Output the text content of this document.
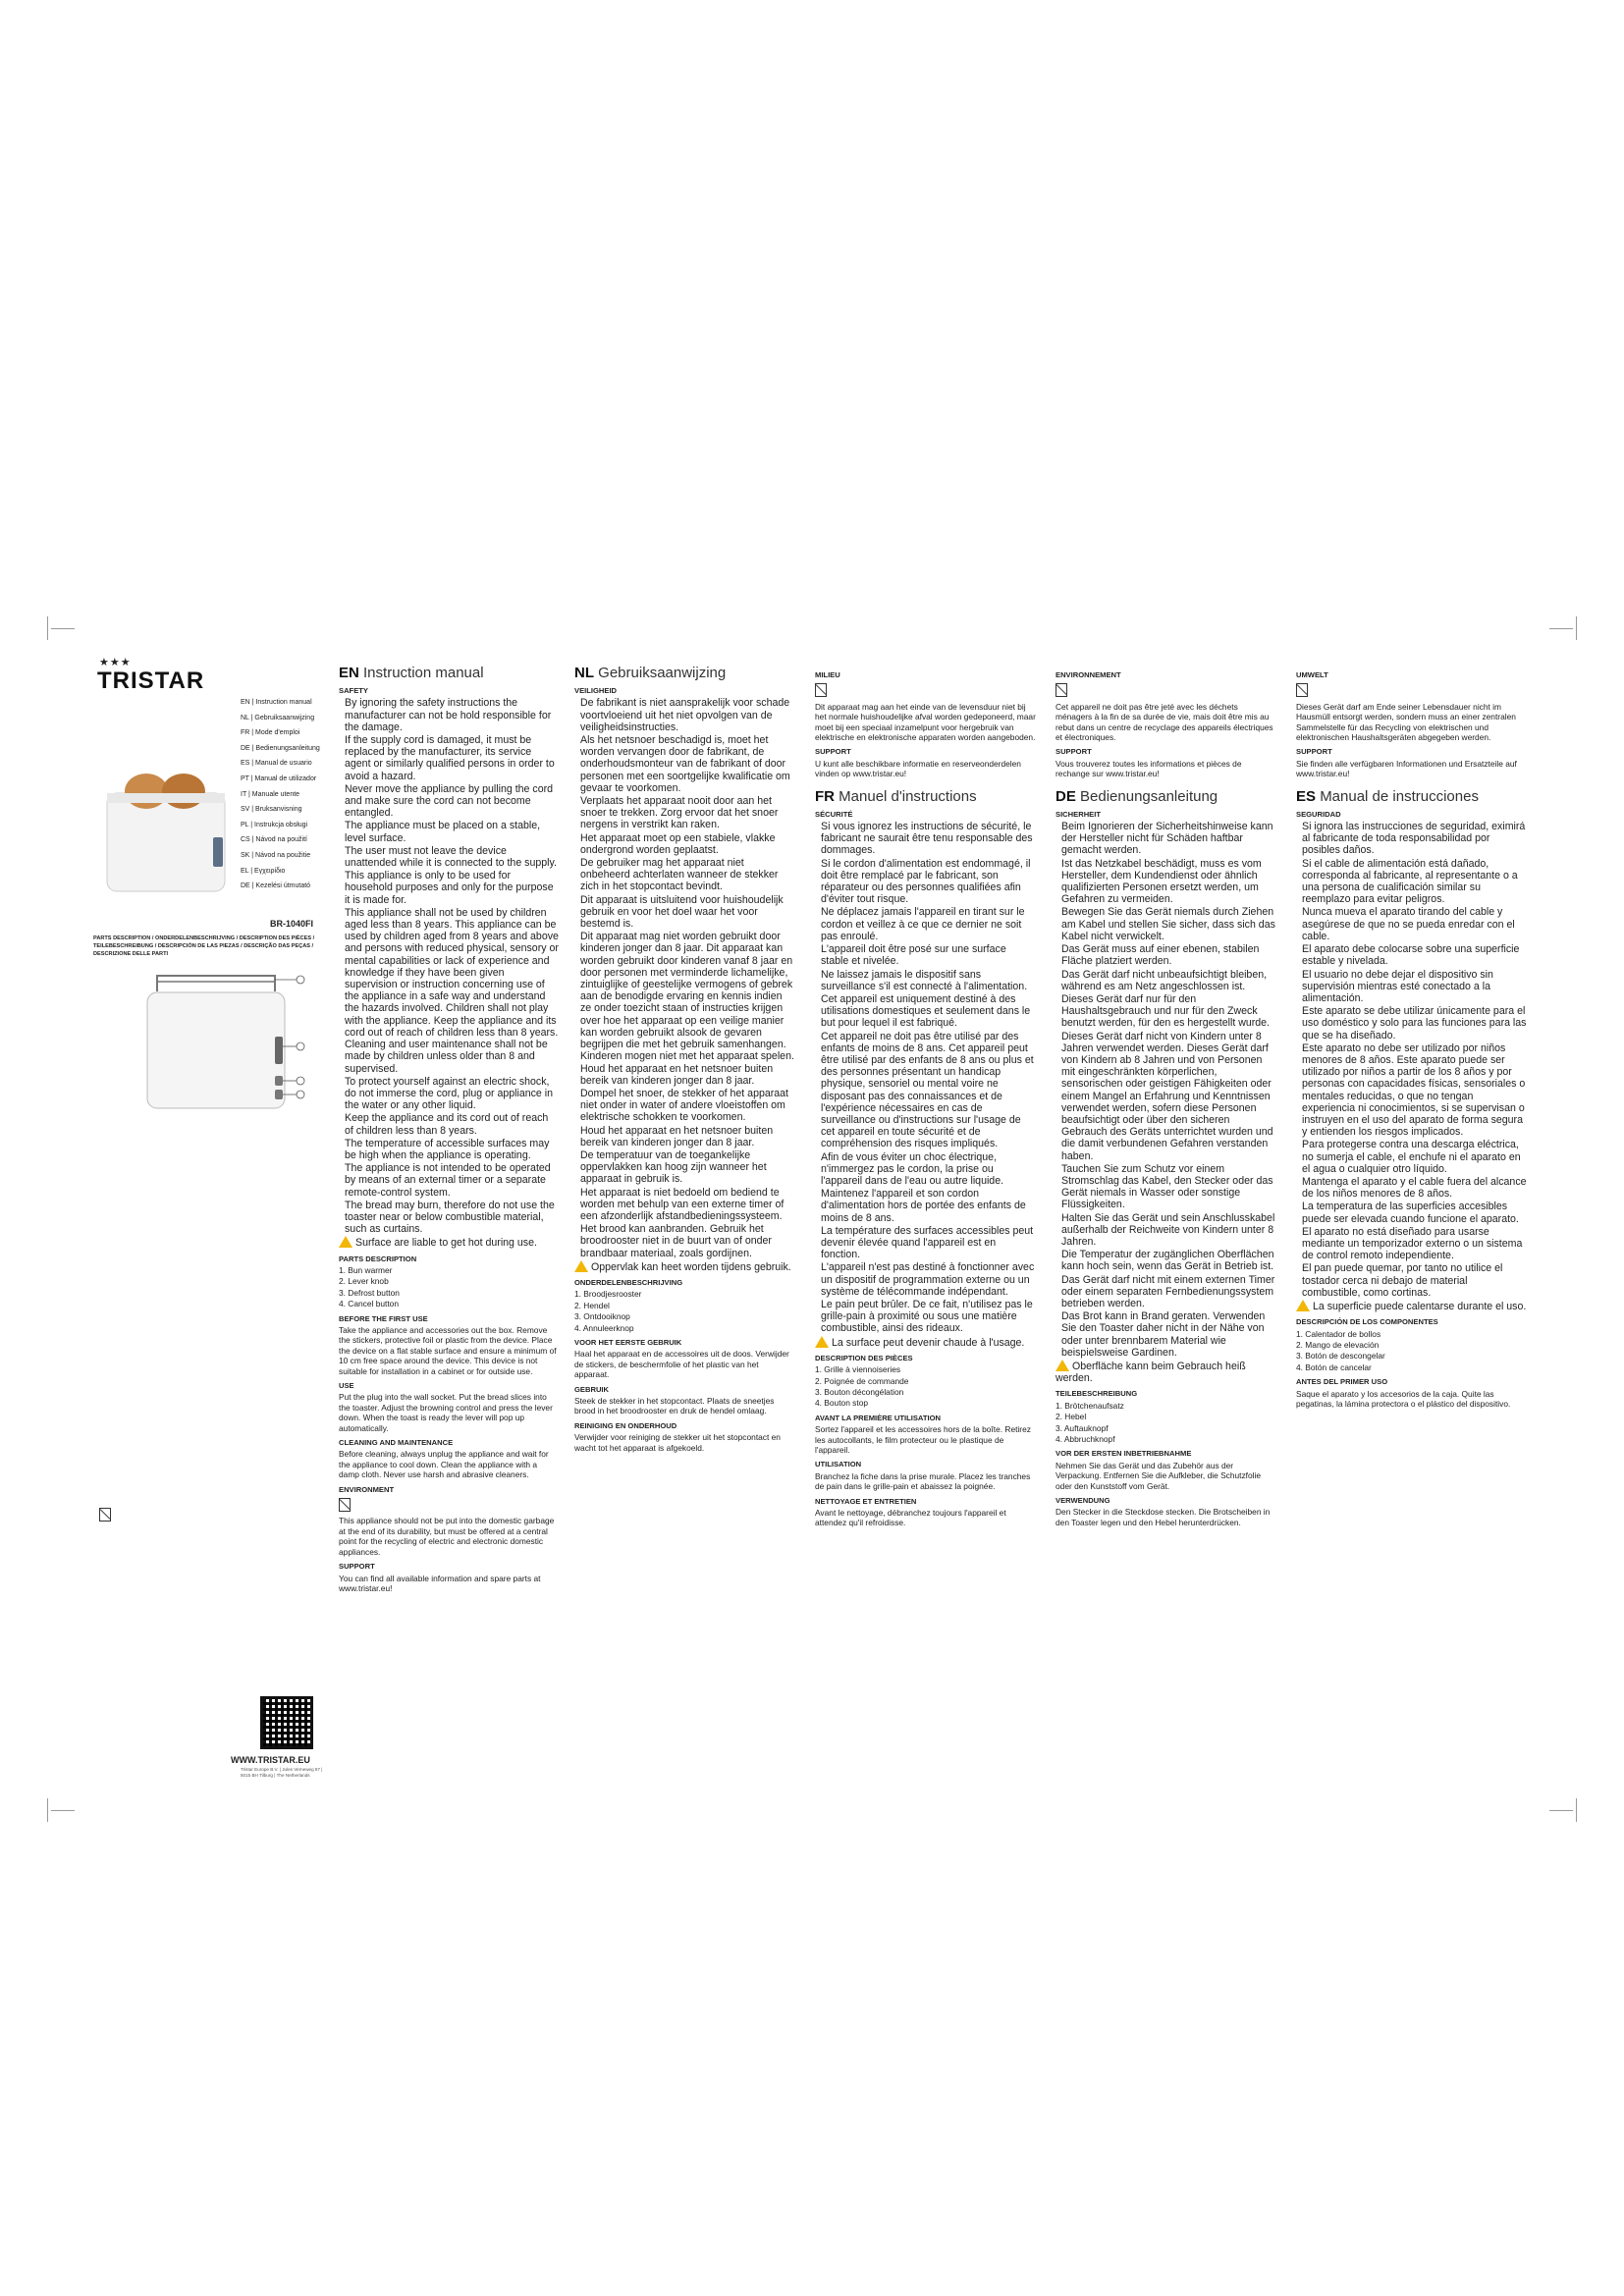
★★★
TRISTAR
EN | Instruction manual
NL | Gebruiksaanwijzing
FR | Mode d'emploi
DE | Bedienungsanleitung
ES | Manual de usuario
PT | Manual de utilizador
IT | Manuale utente
SV | Bruksanvisning
PL | Instrukcja obsługi
CS | Návod na použití
SK | Návod na použitie
EL | Εγχειρίδιο
DE | Kezelési útmutató
BR-1040FI
PARTS DESCRIPTION / ONDERDELENBESCHRIJVING / DESCRIPTION DES PIÈCES / TEILEBESCHREIBUNG / DESCRIPCIÓN DE LAS PIEZAS / DESCRIÇÃO DAS PEÇAS / DESCRIZIONE DELLE PARTI
WWW.TRISTAR.EU
Tristar Europe B.V. | Jules Verneweg 87 | 5015 BH Tilburg | The Netherlands
EN Instruction manual
SAFETY
• By ignoring the safety instructions the manufacturer can not be hold responsible for the damage.
• If the supply cord is damaged, it must be replaced by the manufacturer, its service agent or similarly qualified persons in order to avoid a hazard.
• Never move the appliance by pulling the cord and make sure the cord can not become entangled.
• The appliance must be placed on a stable, level surface.
• The user must not leave the device unattended while it is connected to the supply.
• This appliance is only to be used for household purposes and only for the purpose it is made for.
• This appliance shall not be used by children aged less than 8 years. This appliance can be used by children aged from 8 years and above and persons with reduced physical, sensory or mental capabilities or lack of experience and knowledge if they have been given supervision or instruction concerning use of the appliance in a safe way and understand the hazards involved. Children shall not play with the appliance. Keep the appliance and its cord out of reach of children less than 8 years. Cleaning and user maintenance shall not be made by children unless older than 8 and supervised.
• To protect yourself against an electric shock, do not immerse the cord, plug or appliance in the water or any other liquid.
• Keep the appliance and its cord out of reach of children less than 8 years.
• The temperature of accessible surfaces may be high when the appliance is operating.
• The appliance is not intended to be operated by means of an external timer or a separate remote-control system.
• The bread may burn, therefore do not use the toaster near or below combustible material, such as curtains.

Surface are liable to get hot during use.

PARTS DESCRIPTION

1. Bun warmer

2. Lever knob

3. Defrost button

4. Cancel button

BEFORE THE FIRST USE

Take the appliance and accessories out the box. Remove the stickers, protective foil or plastic from the device. Place the device on a flat stable surface and ensure a minimum of 10 cm free space around the device. This device is not suitable for installation in a cabinet or for outside use.

USE

Put the plug into the wall socket. Put the bread slices into the toaster. Adjust the browning control and press the lever down. When the toast is ready the lever will pop up automatically.

CLEANING AND MAINTENANCE

Before cleaning, always unplug the appliance and wait for the appliance to cool down. Clean the appliance with a damp cloth. Never use harsh and abrasive cleaners.

ENVIRONMENT

This appliance should not be put into the domestic garbage at the end of its durability, but must be offered at a central point for the recycling of electric and electronic domestic appliances.

SUPPORT

You can find all available information and spare parts at www.tristar.eu!

NL Gebruiksaanwijzing
VEILIGHEID
• De fabrikant is niet aansprakelijk voor schade voortvloeiend uit het niet opvolgen van de veiligheidsinstructies.
• Als het netsnoer beschadigd is, moet het worden vervangen door de fabrikant, de onderhoudsmonteur van de fabrikant of door personen met een soortgelijke kwalificatie om gevaar te voorkomen.
• Verplaats het apparaat nooit door aan het snoer te trekken. Zorg ervoor dat het snoer nergens in verstrikt kan raken.
• Het apparaat moet op een stabiele, vlakke ondergrond worden geplaatst.
• De gebruiker mag het apparaat niet onbeheerd achterlaten wanneer de stekker zich in het stopcontact bevindt.
• Dit apparaat is uitsluitend voor huishoudelijk gebruik en voor het doel waar het voor bestemd is.
• Dit apparaat mag niet worden gebruikt door kinderen jonger dan 8 jaar. Dit apparaat kan worden gebruikt door kinderen vanaf 8 jaar en door personen met verminderde lichamelijke, zintuiglijke of geestelijke vermogens of gebrek aan de benodigde ervaring en kennis indien ze onder toezicht staan of instructies krijgen over hoe het apparaat op een veilige manier kan worden gebruikt alsook de gevaren begrijpen die met het gebruik samenhangen. Kinderen mogen niet met het apparaat spelen. Houd het apparaat en het netsnoer buiten bereik van kinderen jonger dan 8 jaar.
• Dompel het snoer, de stekker of het apparaat niet onder in water of andere vloeistoffen om elektrische schokken te voorkomen.
• Houd het apparaat en het netsnoer buiten bereik van kinderen jonger dan 8 jaar.
• De temperatuur van de toegankelijke oppervlakken kan hoog zijn wanneer het apparaat in gebruik is.
• Het apparaat is niet bedoeld om bediend te worden met behulp van een externe timer of een afzonderlijk afstandbedieningssysteem.
• Het brood kan aanbranden. Gebruik het broodrooster niet in de buurt van of onder brandbaar materiaal, zoals gordijnen.

Oppervlak kan heet worden tijdens gebruik.

ONDERDELENBESCHRIJVING

1. Broodjesrooster

2. Hendel

3. Ontdooiknop

4. Annuleerknop

VOOR HET EERSTE GEBRUIK

Haal het apparaat en de accessoires uit de doos. Verwijder de stickers, de beschermfolie of het plastic van het apparaat.

GEBRUIK

Steek de stekker in het stopcontact. Plaats de sneetjes brood in het broodrooster en druk de hendel omlaag.

REINIGING EN ONDERHOUD

Verwijder voor reiniging de stekker uit het stopcontact en wacht tot het apparaat is afgekoeld.

MILIEU

Dit apparaat mag aan het einde van de levensduur niet bij het normale huishoudelijke afval worden gedeponeerd, maar moet bij een speciaal inzamelpunt voor hergebruik van elektrische en elektronische apparaten worden aangeboden.

SUPPORT

U kunt alle beschikbare informatie en reserveonderdelen vinden op www.tristar.eu!

FR Manuel d'instructions
SÉCURITÉ
• Si vous ignorez les instructions de sécurité, le fabricant ne saurait être tenu responsable des dommages.
• Si le cordon d'alimentation est endommagé, il doit être remplacé par le fabricant, son réparateur ou des personnes qualifiées afin d'éviter tout risque.
• Ne déplacez jamais l'appareil en tirant sur le cordon et veillez à ce que ce dernier ne soit pas enroulé.
• L'appareil doit être posé sur une surface stable et nivelée.
• Ne laissez jamais le dispositif sans surveillance s'il est connecté à l'alimentation.
• Cet appareil est uniquement destiné à des utilisations domestiques et seulement dans le but pour lequel il est fabriqué.
• Cet appareil ne doit pas être utilisé par des enfants de moins de 8 ans. Cet appareil peut être utilisé par des enfants de 8 ans ou plus et des personnes présentant un handicap physique, sensoriel ou mental voire ne disposant pas des connaissances et de l'expérience nécessaires en cas de surveillance ou d'instructions sur l'usage de cet appareil en toute sécurité et de compréhension des risques impliqués.
• Afin de vous éviter un choc électrique, n'immergez pas le cordon, la prise ou l'appareil dans de l'eau ou autre liquide.
• Maintenez l'appareil et son cordon d'alimentation hors de portée des enfants de moins de 8 ans.
• La température des surfaces accessibles peut devenir élevée quand l'appareil est en fonction.
• L'appareil n'est pas destiné à fonctionner avec un dispositif de programmation externe ou un système de télécommande indépendant.
• Le pain peut brûler. De ce fait, n'utilisez pas le grille-pain à proximité ou sous une matière combustible, ainsi des rideaux.

La surface peut devenir chaude à l'usage.

DESCRIPTION DES PIÈCES

1. Grille à viennoiseries

2. Poignée de commande

3. Bouton décongélation

4. Bouton stop

AVANT LA PREMIÈRE UTILISATION

Sortez l'appareil et les accessoires hors de la boîte. Retirez les autocollants, le film protecteur ou le plastique de l'appareil.

UTILISATION

Branchez la fiche dans la prise murale. Placez les tranches de pain dans le grille-pain et abaissez la poignée.

NETTOYAGE ET ENTRETIEN

Avant le nettoyage, débranchez toujours l'appareil et attendez qu'il refroidisse.

ENVIRONNEMENT

Cet appareil ne doit pas être jeté avec les déchets ménagers à la fin de sa durée de vie, mais doit être mis au rebut dans un centre de recyclage des appareils électriques et électroniques.

SUPPORT

Vous trouverez toutes les informations et pièces de rechange sur www.tristar.eu!

DE Bedienungsanleitung
SICHERHEIT
• Beim Ignorieren der Sicherheitshinweise kann der Hersteller nicht für Schäden haftbar gemacht werden.
• Ist das Netzkabel beschädigt, muss es vom Hersteller, dem Kundendienst oder ähnlich qualifizierten Personen ersetzt werden, um Gefahren zu vermeiden.
• Bewegen Sie das Gerät niemals durch Ziehen am Kabel und stellen Sie sicher, dass sich das Kabel nicht verwickelt.
• Das Gerät muss auf einer ebenen, stabilen Fläche platziert werden.
• Das Gerät darf nicht unbeaufsichtigt bleiben, während es am Netz angeschlossen ist.
• Dieses Gerät darf nur für den Haushaltsgebrauch und nur für den Zweck benutzt werden, für den es hergestellt wurde.
• Dieses Gerät darf nicht von Kindern unter 8 Jahren verwendet werden. Dieses Gerät darf von Kindern ab 8 Jahren und von Personen mit eingeschränkten körperlichen, sensorischen oder geistigen Fähigkeiten oder einem Mangel an Erfahrung und Kenntnissen verwendet werden, sofern diese Personen beaufsichtigt oder über den sicheren Gebrauch des Geräts unterrichtet wurden und die damit verbundenen Gefahren verstanden haben.
• Tauchen Sie zum Schutz vor einem Stromschlag das Kabel, den Stecker oder das Gerät niemals in Wasser oder sonstige Flüssigkeiten.
• Halten Sie das Gerät und sein Anschlusskabel außerhalb der Reichweite von Kindern unter 8 Jahren.
• Die Temperatur der zugänglichen Oberflächen kann hoch sein, wenn das Gerät in Betrieb ist.
• Das Gerät darf nicht mit einem externen Timer oder einem separaten Fernbedienungssystem betrieben werden.
• Das Brot kann in Brand geraten. Verwenden Sie den Toaster daher nicht in der Nähe von oder unter brennbarem Material wie beispielsweise Gardinen.

Oberfläche kann beim Gebrauch heiß werden.

TEILEBESCHREIBUNG

1. Brötchenaufsatz

2. Hebel

3. Auftauknopf

4. Abbruchknopf

VOR DER ERSTEN INBETRIEBNAHME

Nehmen Sie das Gerät und das Zubehör aus der Verpackung. Entfernen Sie die Aufkleber, die Schutzfolie oder den Kunststoff vom Gerät.

VERWENDUNG

Den Stecker in die Steckdose stecken. Die Brotscheiben in den Toaster legen und den Hebel herunterdrücken.

UMWELT

Dieses Gerät darf am Ende seiner Lebensdauer nicht im Hausmüll entsorgt werden, sondern muss an einer zentralen Sammelstelle für das Recycling von elektrischen und elektronischen Haushaltsgeräten abgegeben werden.

SUPPORT

Sie finden alle verfügbaren Informationen und Ersatzteile auf www.tristar.eu!

ES Manual de instrucciones
SEGURIDAD
• Si ignora las instrucciones de seguridad, eximirá al fabricante de toda responsabilidad por posibles daños.
• Si el cable de alimentación está dañado, corresponda al fabricante, al representante o a una persona de cualificación similar su reemplazo para evitar peligros.
• Nunca mueva el aparato tirando del cable y asegúrese de que no se pueda enredar con el cable.
• El aparato debe colocarse sobre una superficie estable y nivelada.
• El usuario no debe dejar el dispositivo sin supervisión mientras esté conectado a la alimentación.
• Este aparato se debe utilizar únicamente para el uso doméstico y solo para las funciones para las que se ha diseñado.
• Este aparato no debe ser utilizado por niños menores de 8 años. Este aparato puede ser utilizado por niños a partir de los 8 años y por personas con capacidades físicas, sensoriales o mentales reducidas, o que no tengan experiencia ni conocimientos, si se supervisan o instruyen en el uso del aparato de forma segura y entienden los riesgos implicados.
• Para protegerse contra una descarga eléctrica, no sumerja el cable, el enchufe ni el aparato en el agua o cualquier otro líquido.
• Mantenga el aparato y el cable fuera del alcance de los niños menores de 8 años.
• La temperatura de las superficies accesibles puede ser elevada cuando funcione el aparato.
• El aparato no está diseñado para usarse mediante un temporizador externo o un sistema de control remoto independiente.
• El pan puede quemar, por tanto no utilice el tostador cerca ni debajo de material combustible, como cortinas.

La superficie puede calentarse durante el uso.

DESCRIPCIÓN DE LOS COMPONENTES

1. Calentador de bollos

2. Mango de elevación

3. Botón de descongelar

4. Botón de cancelar

ANTES DEL PRIMER USO

Saque el aparato y los accesorios de la caja. Quite las pegatinas, la lámina protectora o el plástico del dispositivo.
